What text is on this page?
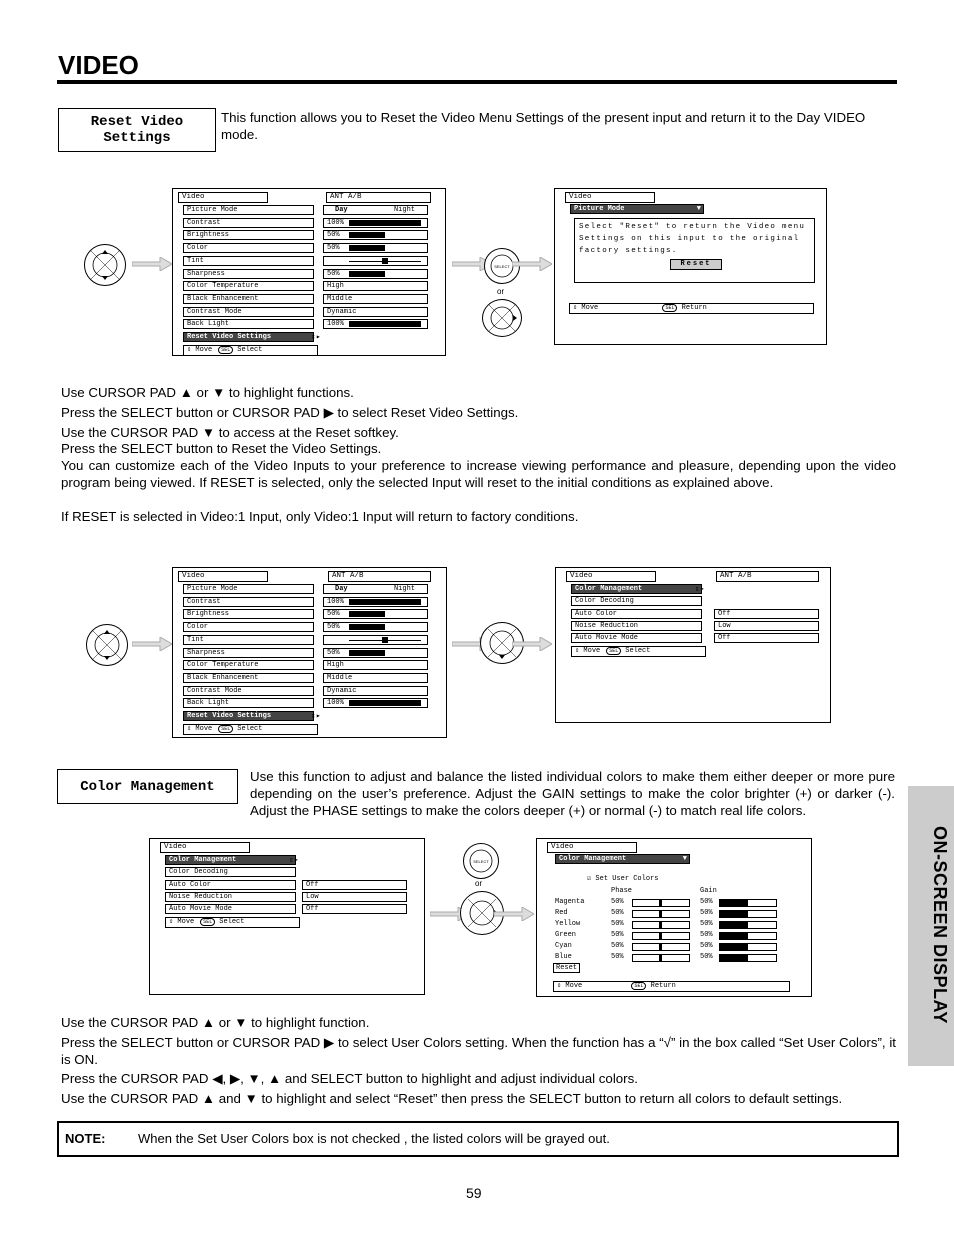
VIDEO
Reset Video Settings
This function allows you to Reset the Video Menu Settings of the present input and return it to the Day VIDEO mode.
Video	ANT A/B
Picture Mode	Day	Night
Contrast	100%
Brightness	50%
Color	50%
Tint
Sharpness	50%
Color Temperature	High
Black Enhancement	Middle
Contrast Mode	Dynamic
Back Light	100%
Reset Video Settings	⇕▸
⇕ Move SEL Select
SELECT
or
Video
Picture Mode	▼
Select "Reset" to return the Video menu Settings on this input to the original factory settings.
Reset
⇕ Move	SEL Return
Use CURSOR PAD ▲ or ▼ to highlight functions.
Press the SELECT button or CURSOR PAD ▶ to select Reset Video Settings.
Use the CURSOR PAD ▼ to access at the Reset softkey.
Press the SELECT button to Reset the Video Settings.
You can customize each of the Video Inputs to your preference to increase viewing performance and pleasure, depending upon the video program being viewed. If RESET is selected, only the selected Input will reset to the initial conditions as explained above.
If RESET is selected in Video:1 Input, only Video:1 Input will return to factory conditions.
Video	ANT A/B
Picture Mode	Day	Night
Contrast	100%
Brightness	50%
Color	50%
Tint
Sharpness	50%
Color Temperature	High
Black Enhancement	Middle
Contrast Mode	Dynamic
Back Light	100%
Reset Video Settings	⇕▸
⇕ Move SEL Select
Video	ANT A/B
Color Management	⇕▸
Color Decoding
Auto Color	Off
Noise Reduction	Low
Auto Movie Mode	Off
⇕ Move SEL Select
Color Management
Use this function to adjust and balance the listed individual colors to make them either deeper or more pure depending on the user’s preference. Adjust the GAIN settings to make the color brighter (+) or darker (-). Adjust the PHASE settings to make the colors deeper (+) or normal (-) to match real life colors.
ON-SCREEN DISPLAY
Video
Color Management	⇕▸
Color Decoding
Auto Color	Off
Noise Reduction	Low
Auto Movie Mode	Off
⇕ Move SEL Select
SELECT
or
Video
Color Management	▼
☑ Set User Colors
Phase	Gain
Magenta	50%	50%
Red	50%	50%
Yellow	50%	50%
Green	50%	50%
Cyan	50%	50%
Blue	50%	50%
Reset
⇕ Move	SEL Return
Use the CURSOR PAD ▲ or ▼ to highlight function.
Press the SELECT button or CURSOR PAD ▶ to select User Colors setting. When the function has a “√” in the box called “Set User Colors”, it is ON.
Press the CURSOR PAD ◀, ▶, ▼, ▲ and SELECT button to highlight and adjust individual colors.
Use the CURSOR PAD ▲ and ▼ to highlight and select “Reset” then press the SELECT button to return all colors to default settings.
NOTE:	When the Set User Colors box is not checked , the listed colors will be grayed out.
59
